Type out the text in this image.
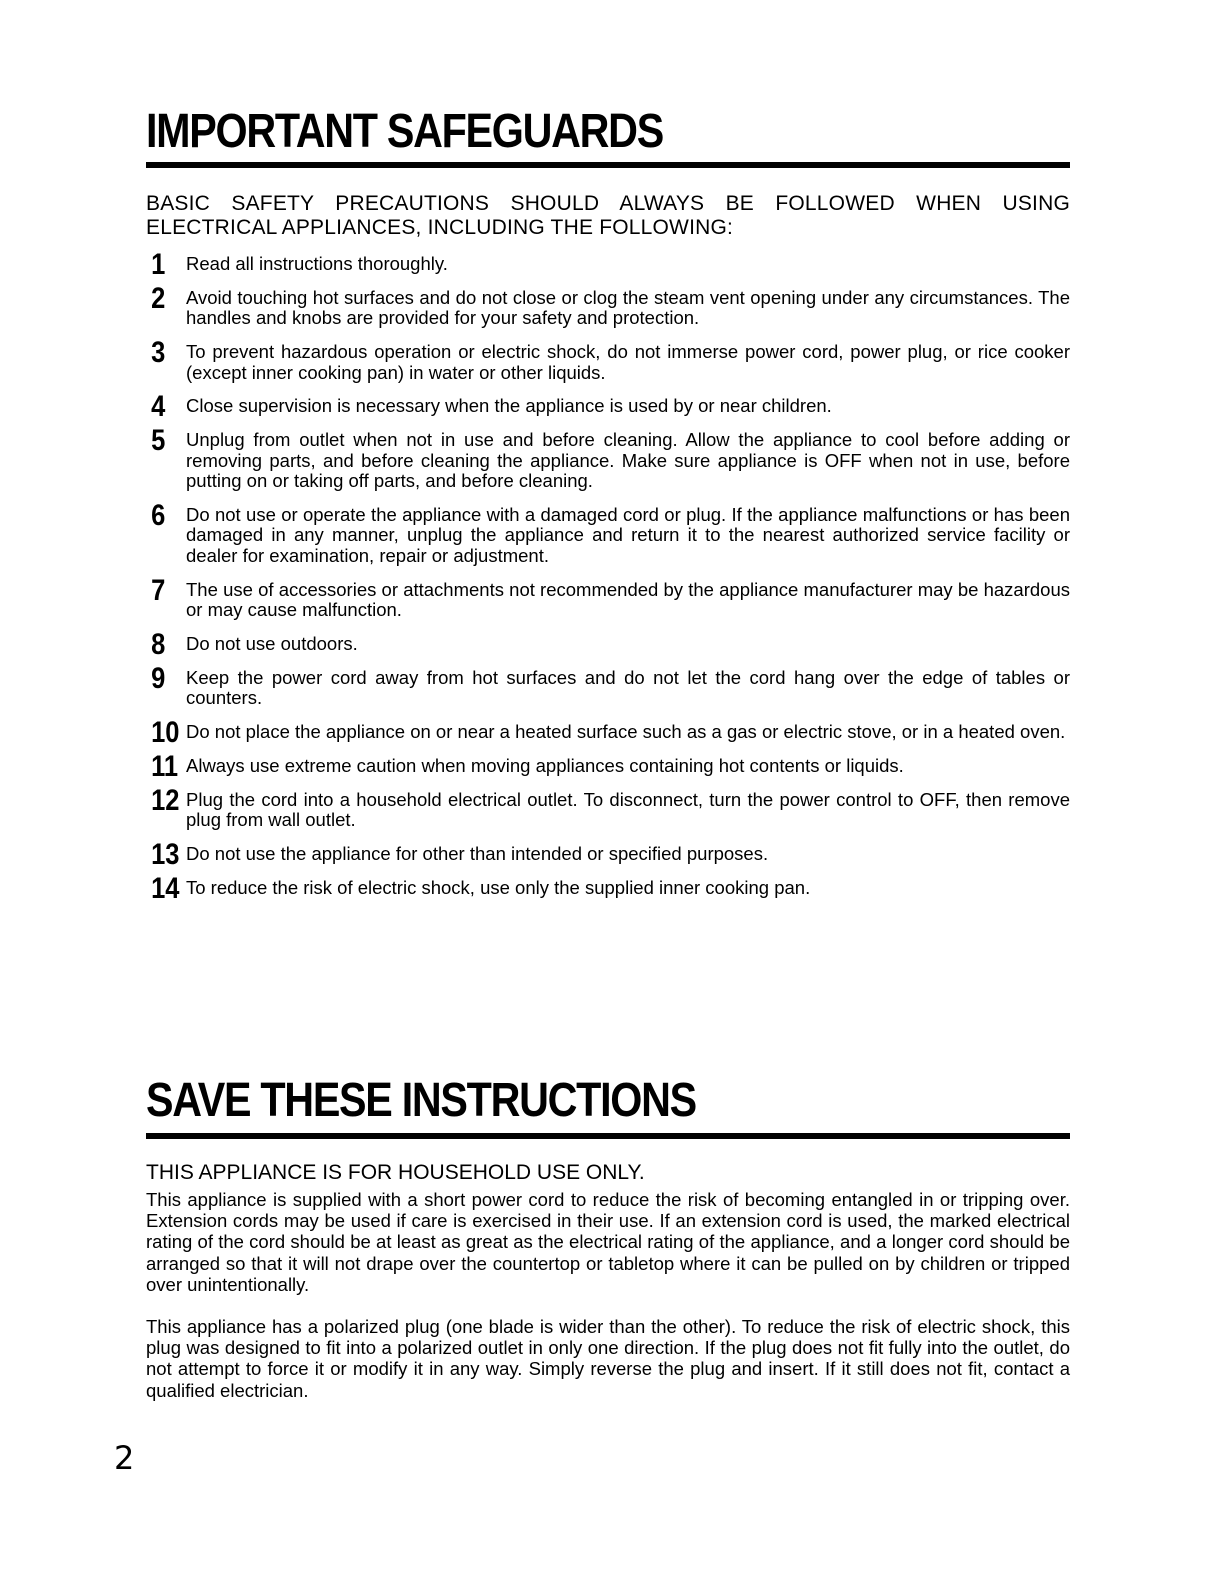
IMPORTANT SAFEGUARDS

BASIC SAFETY PRECAUTIONS SHOULD ALWAYS BE FOLLOWED WHEN USING ELECTRICAL APPLIANCES, INCLUDING THE FOLLOWING:

1	Read all instructions thoroughly.
2	Avoid touching hot surfaces and do not close or clog the steam vent opening under any circumstances. The handles and knobs are provided for your safety and protection.
3	To prevent hazardous operation or electric shock, do not immerse power cord, power plug, or rice cooker (except inner cooking pan) in water or other liquids.
4	Close supervision is necessary when the appliance is used by or near children.
5	Unplug from outlet when not in use and before cleaning. Allow the appliance to cool before adding or removing parts, and before cleaning the appliance. Make sure appliance is OFF when not in use, before putting on or taking off parts, and before cleaning.
6	Do not use or operate the appliance with a damaged cord or plug. If the appliance malfunctions or has been damaged in any manner, unplug the appliance and return it to the nearest authorized service facility or dealer for examination, repair or adjustment.
7	The use of accessories or attachments not recommended by the appliance manufacturer may be hazardous or may cause malfunction.
8	Do not use outdoors.
9	Keep the power cord away from hot surfaces and do not let the cord hang over the edge of tables or counters.
10 Do not place the appliance on or near a heated surface such as a gas or electric stove, or in a heated oven.
11 Always use extreme caution when moving appliances containing hot contents or liquids.
12 Plug the cord into a household electrical outlet. To disconnect, turn the power control to OFF, then remove plug from wall outlet.
13 Do not use the appliance for other than intended or specified purposes.
14 To reduce the risk of electric shock, use only the supplied inner cooking pan.
SAVE THESE INSTRUCTIONS

THIS APPLIANCE IS FOR HOUSEHOLD USE ONLY.

This appliance is supplied with a short power cord to reduce the risk of becoming entangled in or tripping over. Extension cords may be used if care is exercised in their use. If an extension cord is used, the marked electrical rating of the cord should be at least as great as the electrical rating of the appliance, and a longer cord should be arranged so that it will not drape over the countertop or tabletop where it can be pulled on by children or tripped over unintentionally.

This appliance has a polarized plug (one blade is wider than the other). To reduce the risk of electric shock, this plug was designed to fit into a polarized outlet in only one direction. If the plug does not fit fully into the outlet, do not attempt to force it or modify it in any way. Simply reverse the plug and insert. If it still does not fit, contact a qualified electrician.

2
